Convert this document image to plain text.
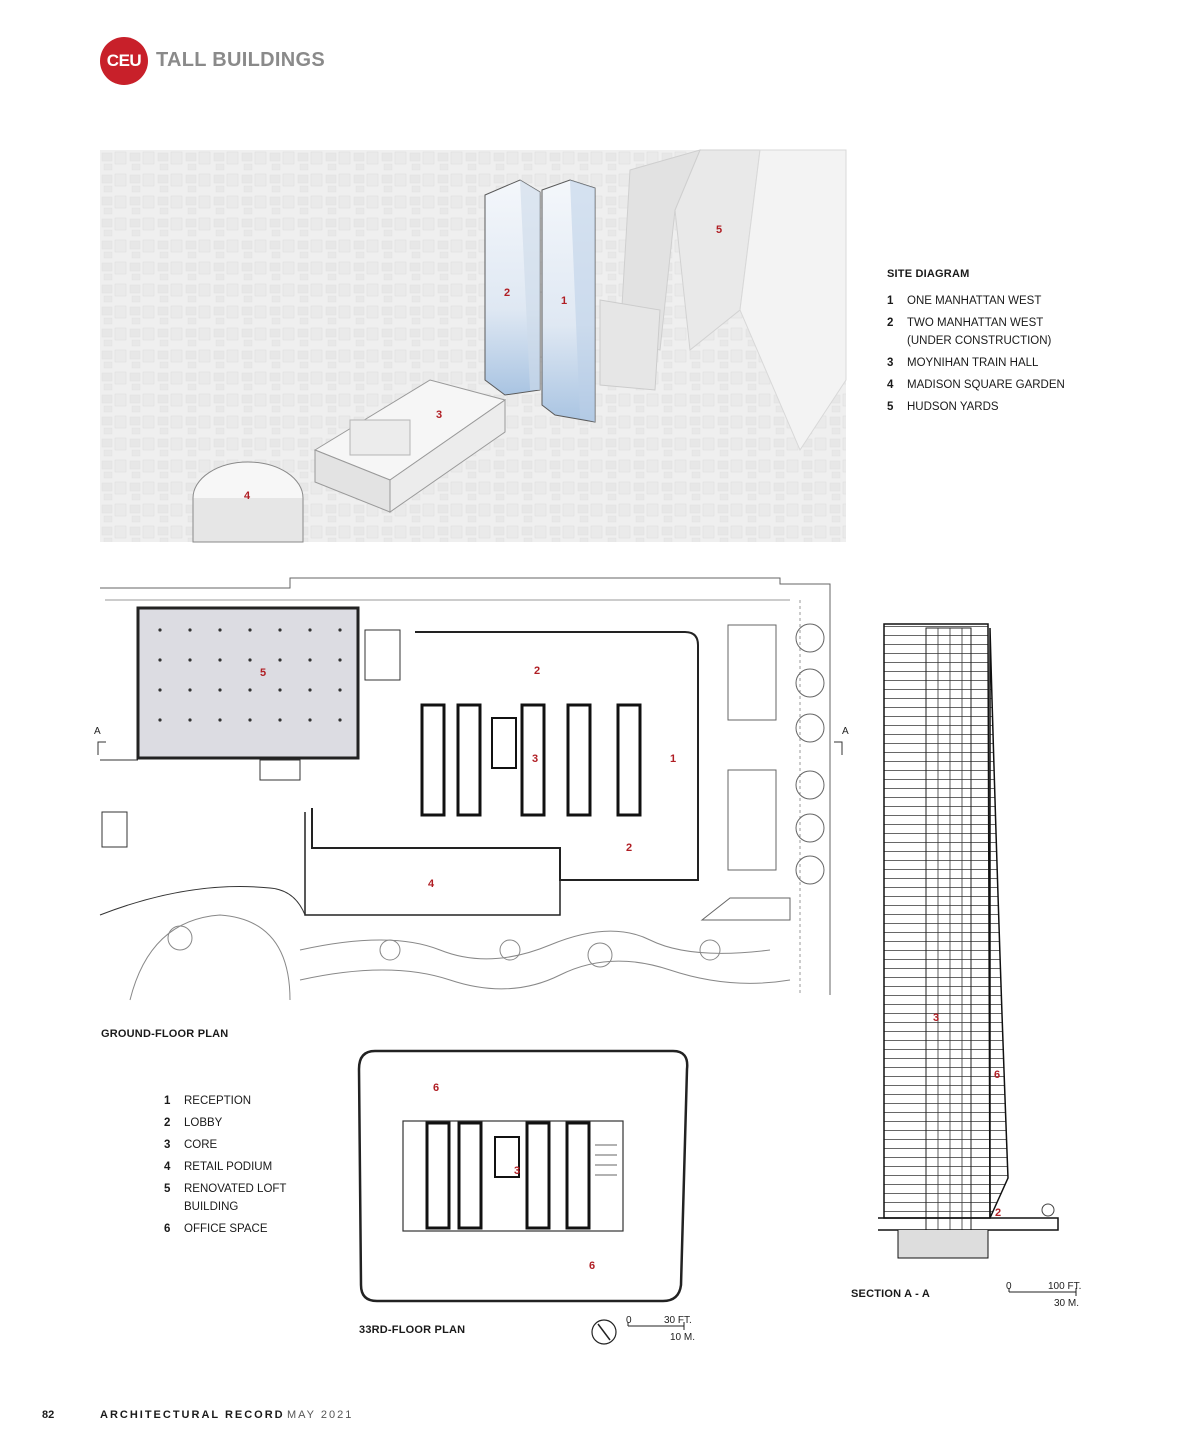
CEU TALL BUILDINGS
5
2
1
3
4
SITE DIAGRAM
1	ONE MANHATTAN WEST
2	TWO MANHATTAN WEST (UNDER CONSTRUCTION)
3	MOYNIHAN TRAIN HALL
4	MADISON SQUARE GARDEN
5	HUDSON YARDS
A	A
1
2
2
3
4
5
GROUND-FLOOR PLAN
1	RECEPTION
2	LOBBY
3	CORE
4	RETAIL PODIUM
5	RENOVATED LOFT BUILDING
6	OFFICE SPACE
6
3
6
33RD-FLOOR PLAN
0	30 FT.
10 M.
3
6
2
SECTION A - A
0	100 FT.
30 M.
82	ARCHITECTURAL RECORD MAY 2021
